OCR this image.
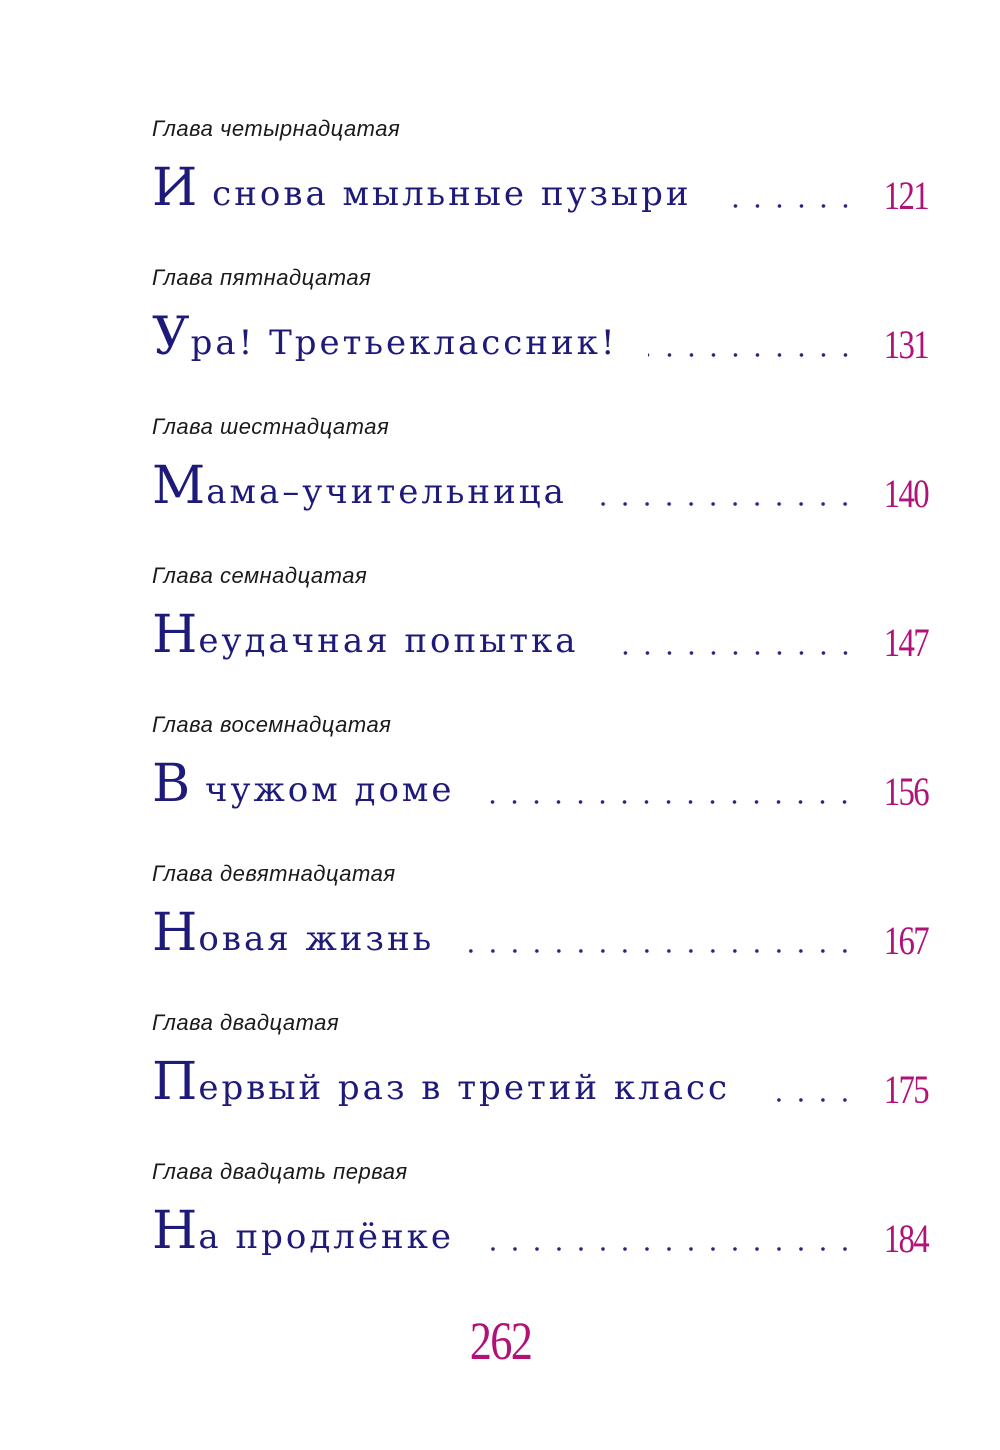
Глава четырнадцатая
И снова мыльные пузыри	121
Глава пятнадцатая
Ура! Третьеклассник!	131
Глава шестнадцатая
Мама–учительница	140
Глава семнадцатая
Неудачная попытка	147
Глава восемнадцатая
В чужом доме	156
Глава девятнадцатая
Новая жизнь	167
Глава двадцатая
Первый раз в третий класс	175
Глава двадцать первая
На продлёнке	184
262
